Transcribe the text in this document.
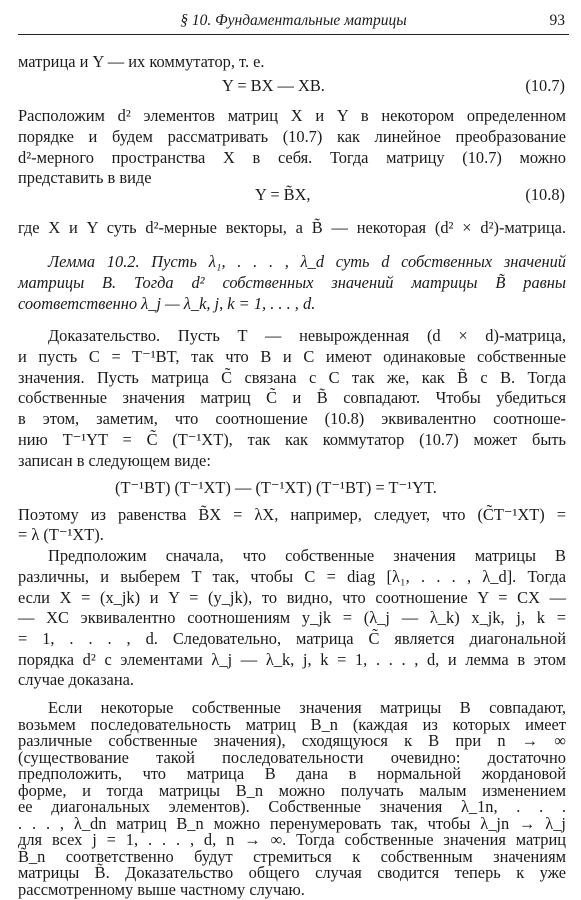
§ 10. Фундаментальные матрицы	93
матрица и Y — их коммутатор, т. е.
Y = BX — XB.	(10.7)
Расположим d² элементов матриц X и Y в некотором определенном
порядке и будем рассматривать (10.7) как линейное преобразование
d²-мерного пространства X в себя. Тогда матрицу (10.7) можно
представить в виде
Y = B̃X,	(10.8)
где X и Y суть d²-мерные векторы, а B̃ — некоторая (d² × d²)-матрица.
Лемма 10.2. Пусть λ₁, . . . , λ_d суть d собственных значений
матрицы B. Тогда d² собственных значений матрицы B̃ равны
соответственно λ_j — λ_k, j, k = 1, . . . , d.
Доказательство. Пусть T — невырожденная (d × d)-матрица,
и пусть C = T⁻¹BT, так что B и C имеют одинаковые собственные
значения. Пусть матрица C̃ связана с C так же, как B̃ с B. Тогда
собственные значения матриц C̃ и B̃ совпадают. Чтобы убедиться
в этом, заметим, что соотношение (10.8) эквивалентно соотноше-
нию T⁻¹YT = C̃ (T⁻¹XT), так как коммутатор (10.7) может быть
записан в следующем виде:
(T⁻¹BT) (T⁻¹XT) — (T⁻¹XT) (T⁻¹BT) = T⁻¹YT.
Поэтому из равенства B̃X = λX, например, следует, что (C̃T⁻¹XT) =
= λ (T⁻¹XT).
Предположим сначала, что собственные значения матрицы B
различны, и выберем T так, чтобы C = diag [λ₁, . . . , λ_d]. Тогда
если X = (x_jk) и Y = (y_jk), то видно, что соотношение Y = CX —
— XC эквивалентно соотношениям y_jk = (λ_j — λ_k) x_jk, j, k =
= 1, . . . , d. Следовательно, матрица C̃ является диагональной
порядка d² с элементами λ_j — λ_k, j, k = 1, . . . , d, и лемма в этом
случае доказана.
Если некоторые собственные значения матрицы B совпадают,
возьмем последовательность матриц B_n (каждая из которых имеет
различные собственные значения), сходящуюся к B при n → ∞
(существование такой последовательности очевидно: достаточно
предположить, что матрица B дана в нормальной жордановой
форме, и тогда матрицы B_n можно получать малым изменением
ее диагональных элементов). Собственные значения λ_1n, . . .
. . . , λ_dn матриц B_n можно перенумеровать так, чтобы λ_jn → λ_j
для всех j = 1, . . . , d, n → ∞. Тогда собственные значения матриц
B̃_n соответственно будут стремиться к собственным значениям
матрицы B̃. Доказательство общего случая сводится теперь к уже
рассмотренному выше частному случаю.
